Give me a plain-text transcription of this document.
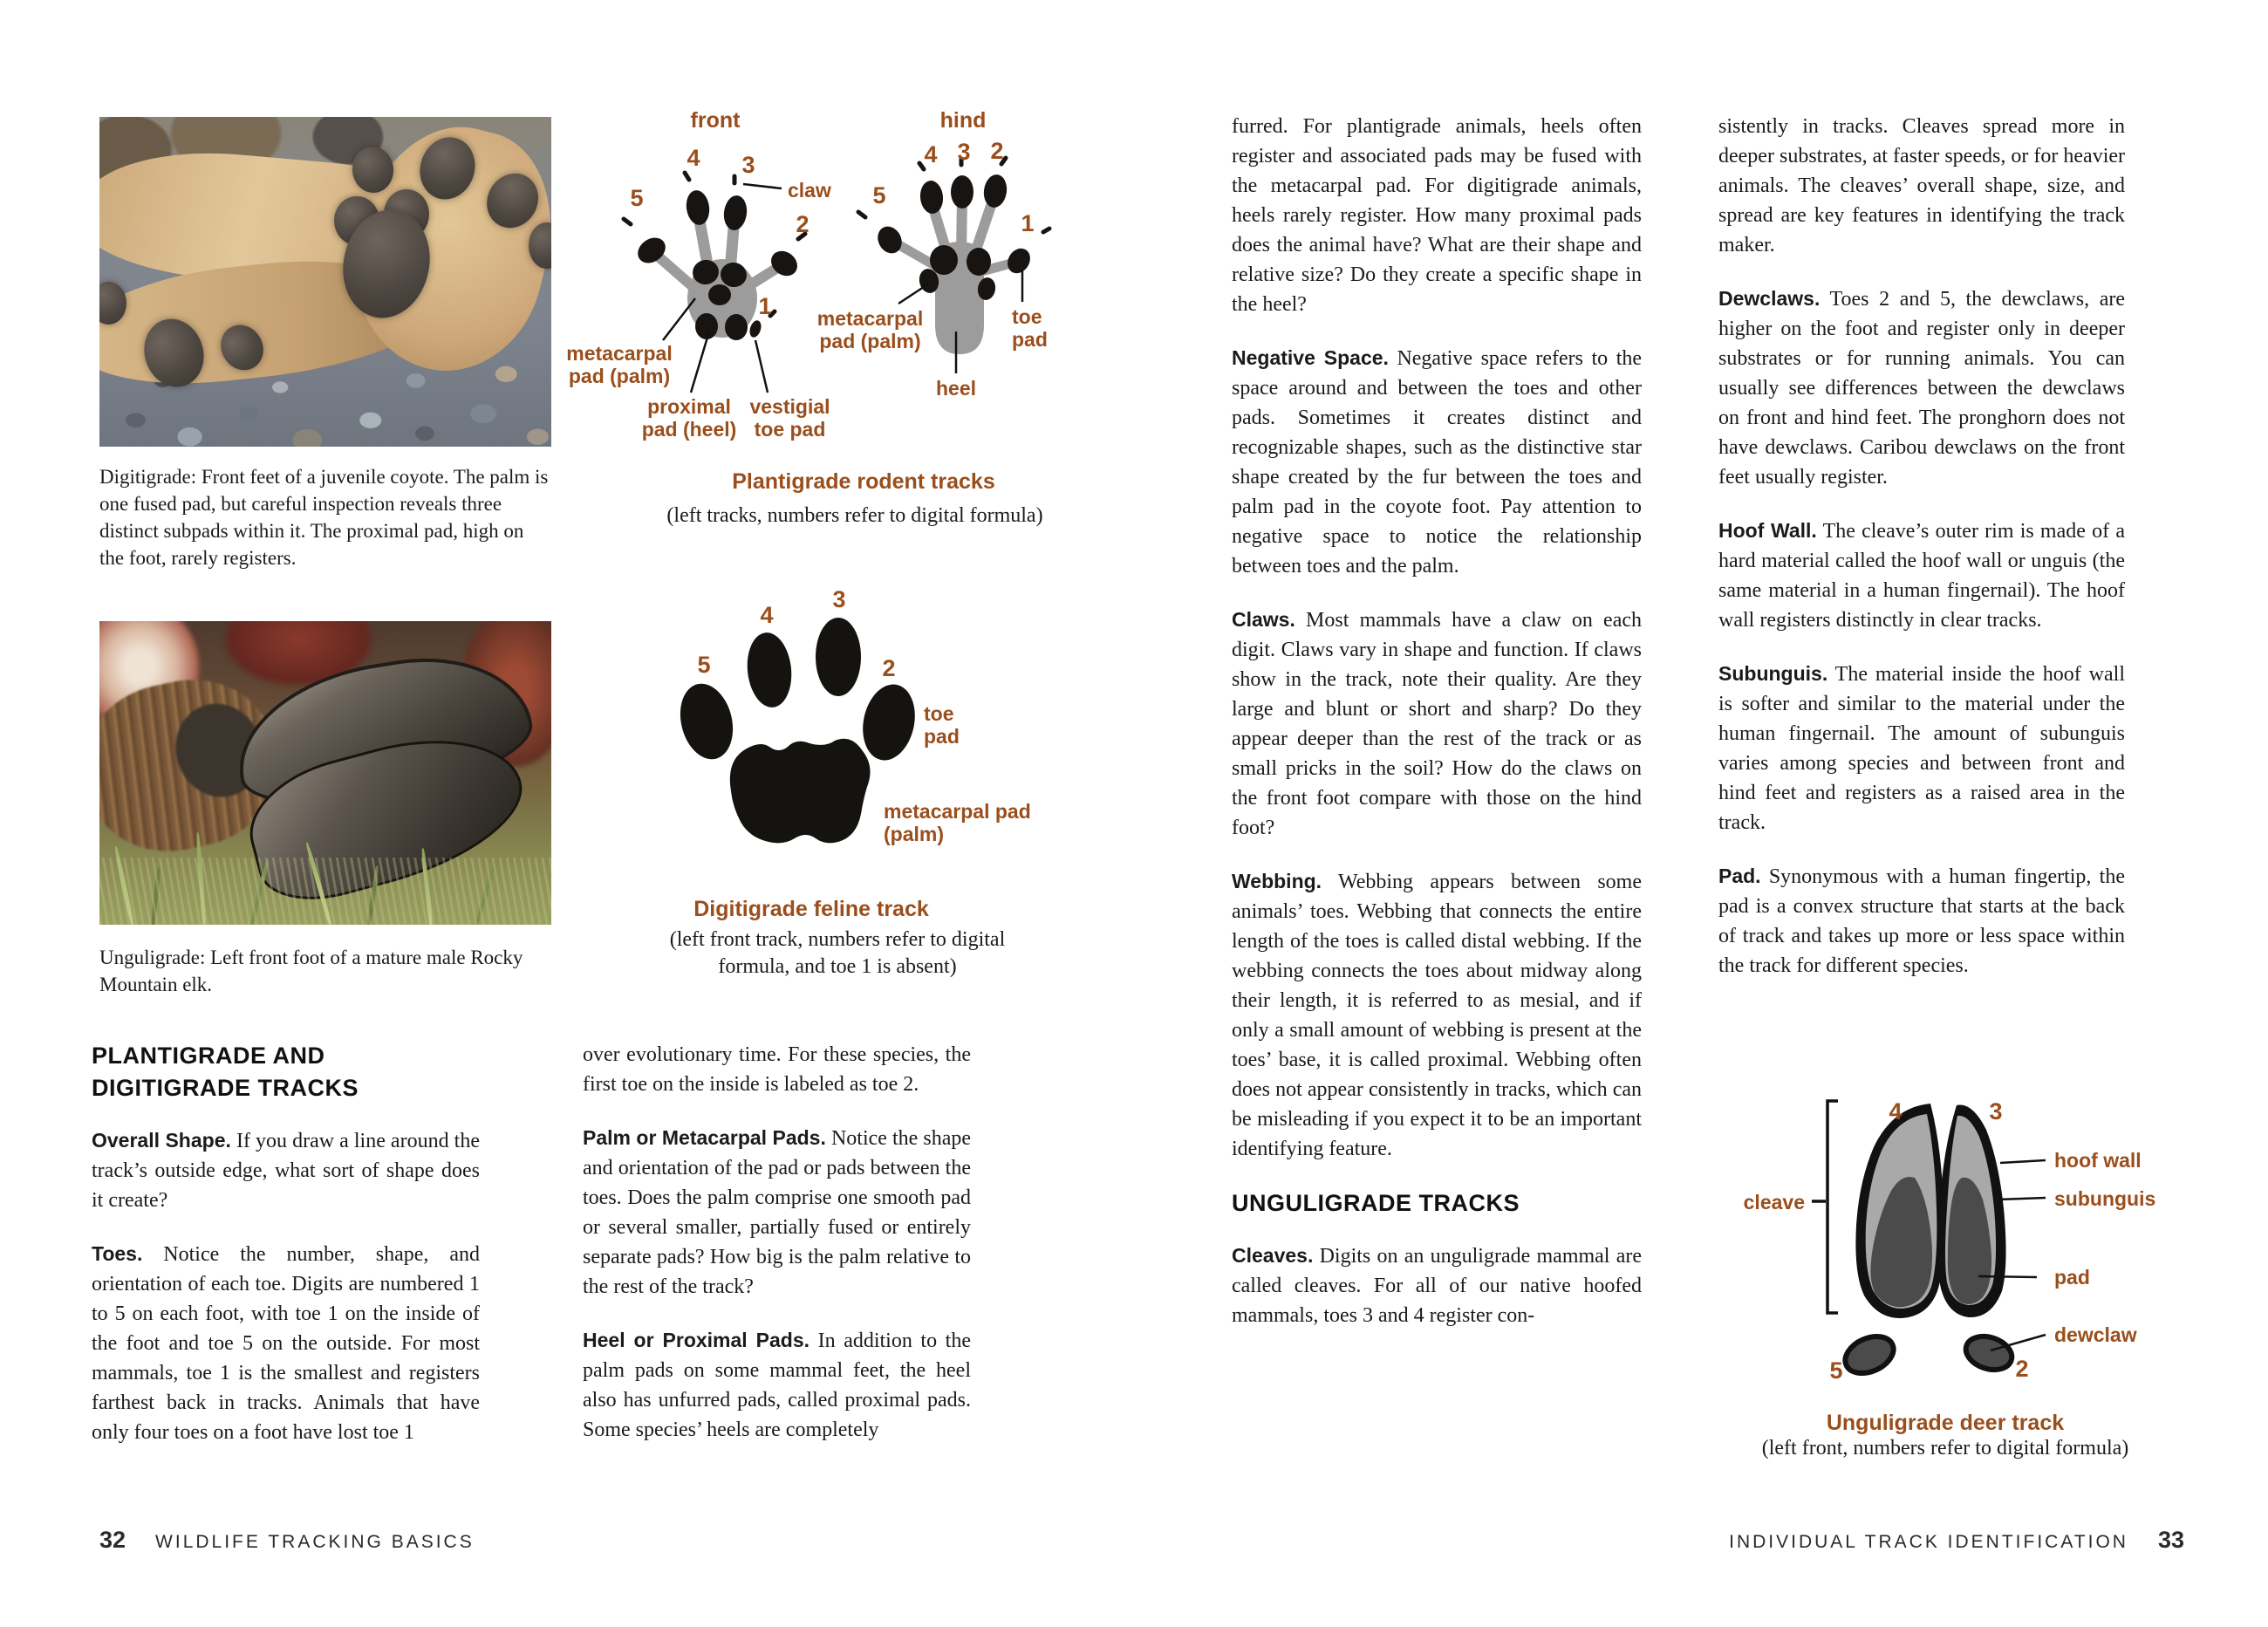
Digitigrade: Front feet of a juvenile coyote. The palm is one fused pad, but careful inspection reveals three distinct subpads within it. The proximal pad, high on the foot, rarely registers.
front	hind
4 3
5
2
1
4 3 2
5
1
claw
metacarpal pad (palm)
proximal pad (heel)
vestigial toe pad
metacarpal pad (palm)
toe pad
heel
Plantigrade rodent tracks
(left tracks, numbers refer to digital formula)
Unguligrade: Left front foot of a mature male Rocky Mountain elk.
3
4
5	2
toe pad
metacarpal pad (palm)
Digitigrade feline track
(left front track, numbers refer to digital
formula, and toe 1 is absent)
PLANTIGRADE AND DIGITIGRADE TRACKS

Overall Shape. If you draw a line around the track’s outside edge, what sort of shape does it create?

Toes. Notice the number, shape, and orientation of each toe. Digits are numbered 1 to 5 on each foot, with toe 1 on the inside of the foot and toe 5 on the outside. For most mammals, toe 1 is the smallest and registers farthest back in tracks. Animals that have only four toes on a foot have lost toe 1

over evolutionary time. For these species, the first toe on the inside is labeled as toe 2.

Palm or Metacarpal Pads. Notice the shape and orientation of the pad or pads between the toes. Does the palm comprise one smooth pad or several smaller, partially fused or entirely separate pads? How big is the palm relative to the rest of the track?

Heel or Proximal Pads. In addition to the palm pads on some mammal feet, the heel also has unfurred pads, called proximal pads. Some species’ heels are completely

32 WILDLIFE TRACKING BASICS

furred. For plantigrade animals, heels often register and associated pads may be fused with the metacarpal pad. For digitigrade animals, heels rarely register. How many proximal pads does the animal have? What are their shape and relative size? Do they create a specific shape in the heel?

Negative Space. Negative space refers to the space around and between the toes and other pads. Sometimes it creates distinct and recognizable shapes, such as the distinctive star shape created by the fur between the toes and palm pad in the coyote foot. Pay attention to negative space to notice the relationship between toes and the palm.

Claws. Most mammals have a claw on each digit. Claws vary in shape and function. If claws show in the track, note their quality. Are they large and blunt or short and sharp? Do they appear deeper than the rest of the track or as small pricks in the soil? How do the claws on the front foot compare with those on the hind foot?

Webbing. Webbing appears between some animals’ toes. Webbing that connects the entire length of the toes is called distal webbing. If the webbing connects the toes about midway along their length, it is referred to as mesial, and if only a small amount of webbing is present at the toes’ base, it is called proximal. Webbing often does not appear consistently in tracks, which can be misleading if you expect it to be an important identifying feature.

UNGULIGRADE TRACKS

Cleaves. Digits on an unguligrade mammal are called cleaves. For all of our native hoofed mammals, toes 3 and 4 register con-

sistently in tracks. Cleaves spread more in deeper substrates, at faster speeds, or for heavier animals. The cleaves’ overall shape, size, and spread are key features in identifying the track maker.

Dewclaws. Toes 2 and 5, the dewclaws, are higher on the foot and register only in deeper substrates or for running animals. You can usually see differences between the dewclaws on front and hind feet. The pronghorn does not have dewclaws. Caribou dewclaws on the front feet usually register.

Hoof Wall. The cleave’s outer rim is made of a hard material called the hoof wall or unguis (the same material in a human fingernail). The hoof wall registers distinctly in clear tracks.

Subunguis. The material inside the hoof wall is softer and similar to the material under the human fingernail. The amount of subunguis varies among species and between front and hind feet and registers as a raised area in the track.

Pad. Synonymous with a human fingertip, the pad is a convex structure that starts at the back of track and takes up more or less space within the track for different species.

cleave
4	3
5	2
hoof wall
subunguis
pad
dewclaw
Unguligrade deer track
(left front, numbers refer to digital formula)
INDIVIDUAL TRACK IDENTIFICATION 33
